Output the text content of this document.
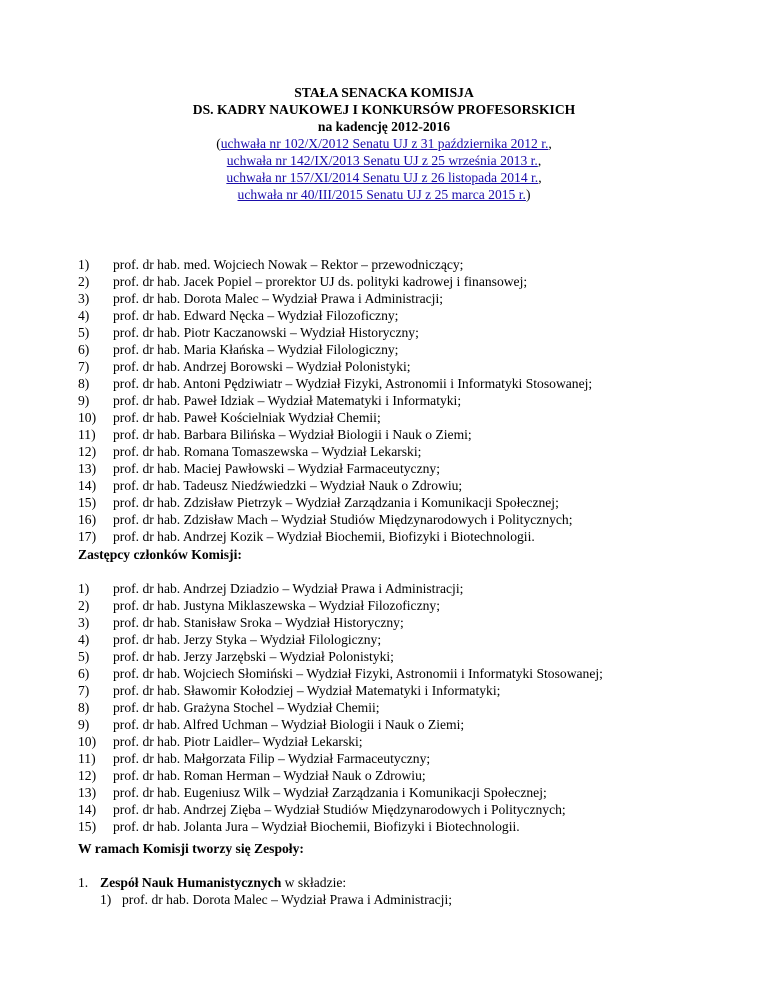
STAŁA SENACKA KOMISJA
DS. KADRY NAUKOWEJ I KONKURSÓW PROFESORSKICH
na kadencję 2012-2016
(uchwała nr 102/X/2012 Senatu UJ z 31 października 2012 r.,
uchwała nr 142/IX/2013 Senatu UJ z 25 września 2013 r.,
uchwała nr 157/XI/2014 Senatu UJ z 26 listopada 2014 r.,
uchwała nr 40/III/2015 Senatu UJ z 25 marca 2015 r.)
1) prof. dr hab. med. Wojciech Nowak – Rektor – przewodniczący;
2) prof. dr hab. Jacek Popiel – prorektor UJ ds. polityki kadrowej i finansowej;
3) prof. dr hab. Dorota Malec – Wydział Prawa i Administracji;
4) prof. dr hab. Edward Nęcka – Wydział Filozoficzny;
5) prof. dr hab. Piotr Kaczanowski – Wydział Historyczny;
6) prof. dr hab. Maria Kłańska – Wydział Filologiczny;
7) prof. dr hab. Andrzej Borowski – Wydział Polonistyki;
8) prof. dr hab. Antoni Pędziwiatr – Wydział Fizyki, Astronomii i Informatyki Stosowanej;
9) prof. dr hab. Paweł Idziak – Wydział Matematyki i Informatyki;
10) prof. dr hab. Paweł Kościelniak Wydział Chemii;
11) prof. dr hab. Barbara Bilińska – Wydział Biologii i Nauk o Ziemi;
12) prof. dr hab. Romana Tomaszewska – Wydział Lekarski;
13) prof. dr hab. Maciej Pawłowski – Wydział Farmaceutyczny;
14) prof. dr hab. Tadeusz Niedźwiedzki – Wydział Nauk o Zdrowiu;
15) prof. dr hab. Zdzisław Pietrzyk – Wydział Zarządzania i Komunikacji Społecznej;
16) prof. dr hab. Zdzisław Mach – Wydział Studiów Międzynarodowych i Politycznych;
17) prof. dr hab. Andrzej Kozik – Wydział Biochemii, Biofizyki i Biotechnologii.
Zastępcy członków Komisji:
1) prof. dr hab. Andrzej Dziadzio – Wydział Prawa i Administracji;
2) prof. dr hab. Justyna Miklaszewska – Wydział Filozoficzny;
3) prof. dr hab. Stanisław Sroka – Wydział Historyczny;
4) prof. dr hab. Jerzy Styka – Wydział Filologiczny;
5) prof. dr hab. Jerzy Jarzębski – Wydział Polonistyki;
6) prof. dr hab. Wojciech Słomiński – Wydział Fizyki, Astronomii i Informatyki Stosowanej;
7) prof. dr hab. Sławomir Kołodziej – Wydział Matematyki i Informatyki;
8) prof. dr hab. Grażyna Stochel – Wydział Chemii;
9) prof. dr hab. Alfred Uchman – Wydział Biologii i Nauk o Ziemi;
10) prof. dr hab. Piotr Laidler– Wydział Lekarski;
11) prof. dr hab. Małgorzata Filip – Wydział Farmaceutyczny;
12) prof. dr hab. Roman Herman – Wydział Nauk o Zdrowiu;
13) prof. dr hab. Eugeniusz Wilk – Wydział Zarządzania i Komunikacji Społecznej;
14) prof. dr hab. Andrzej Zięba – Wydział Studiów Międzynarodowych i Politycznych;
15) prof. dr hab. Jolanta Jura – Wydział Biochemii, Biofizyki i Biotechnologii.
W ramach Komisji tworzy się Zespoły:
1. Zespół Nauk Humanistycznych w składzie:
1) prof. dr hab. Dorota Malec – Wydział Prawa i Administracji;
